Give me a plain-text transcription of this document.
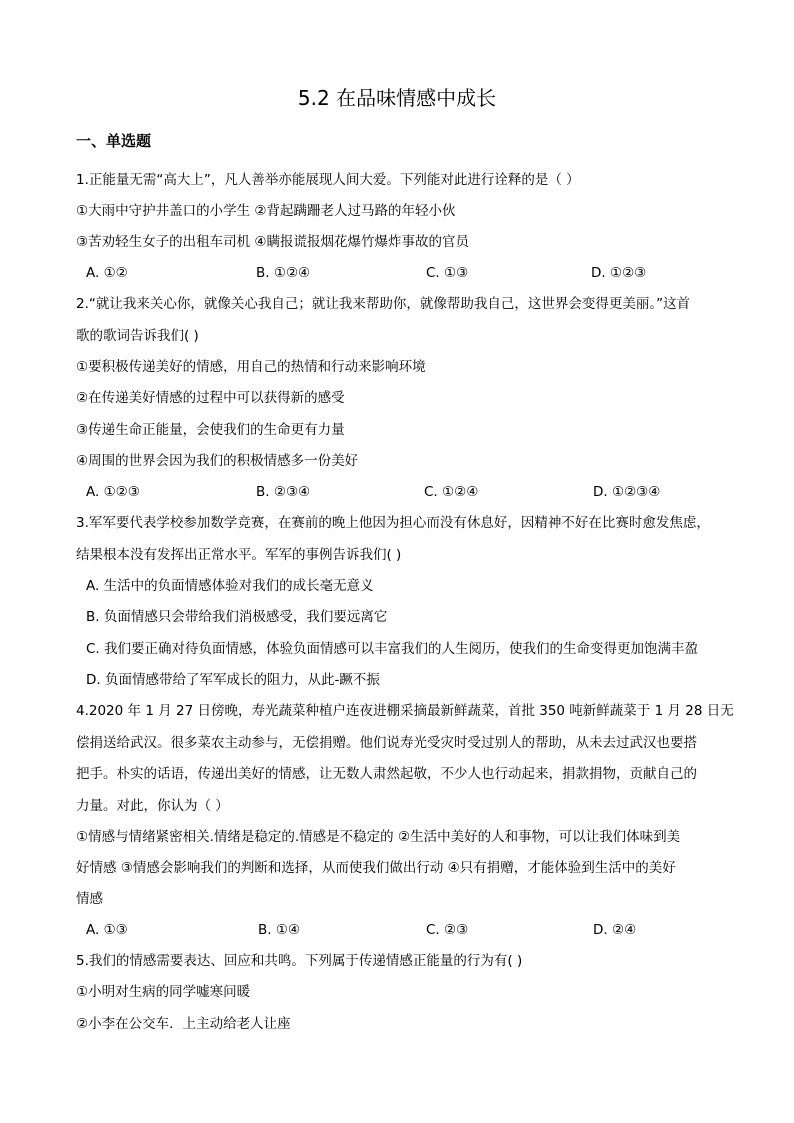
5.2 在品味情感中成长
一、单选题
1.正能量无需“高大上”，凡人善举亦能展现人间大爱。下列能对此进行诠释的是（ ）
①大雨中守护井盖口的小学生 ②背起蹒跚老人过马路的年轻小伙
③苦劝轻生女子的出租车司机 ④瞒报谎报烟花爆竹爆炸事故的官员
A. ①②	B. ①②④	C. ①③	D. ①②③
2.“就让我来关心你，就像关心我自己；就让我来帮助你，就像帮助我自己，这世界会变得更美丽。”这首
歌的歌词告诉我们( )
①要积极传递美好的情感，用自己的热情和行动来影响环境
②在传递美好情感的过程中可以获得新的感受
③传递生命正能量，会使我们的生命更有力量
④周围的世界会因为我们的积极情感多一份美好
A. ①②③	B. ②③④	C. ①②④	D. ①②③④
3.军军要代表学校参加数学竞赛，在赛前的晚上他因为担心而没有休息好，因精神不好在比赛时愈发焦虑，
结果根本没有发挥出正常水平。军军的事例告诉我们( )
A. 生活中的负面情感体验对我们的成长毫无意义
B. 负面情感只会带给我们消极感受，我们要远离它
C. 我们要正确对待负面情感，体验负面情感可以丰富我们的人生阅历，使我们的生命变得更加饱满丰盈
D. 负面情感带给了军军成长的阻力，从此-蹶不振
4.2020 年 1 月 27 日傍晚，寿光蔬菜种植户连夜进棚采摘最新鲜蔬菜，首批 350 吨新鲜蔬菜于 1 月 28 日无
偿捐送给武汉。很多菜农主动参与，无偿捐赠。他们说寿光受灾时受过别人的帮助，从未去过武汉也要搭
把手。朴实的话语，传递出美好的情感，让无数人肃然起敬，不少人也行动起来，捐款捐物，贡献自己的
力量。对此，你认为（ ）
①情感与情绪紧密相关.情绪是稳定的.情感是不稳定的 ②生活中美好的人和事物，可以让我们体味到美
好情感 ③情感会影响我们的判断和选择，从而使我们做出行动 ④只有捐赠，才能体验到生活中的美好
情感
A. ①③	B. ①④	C. ②③	D. ②④
5.我们的情感需要表达、回应和共鸣。下列属于传递情感正能量的行为有( )
①小明对生病的同学嘘寒问暖
②小李在公交车．上主动给老人让座
